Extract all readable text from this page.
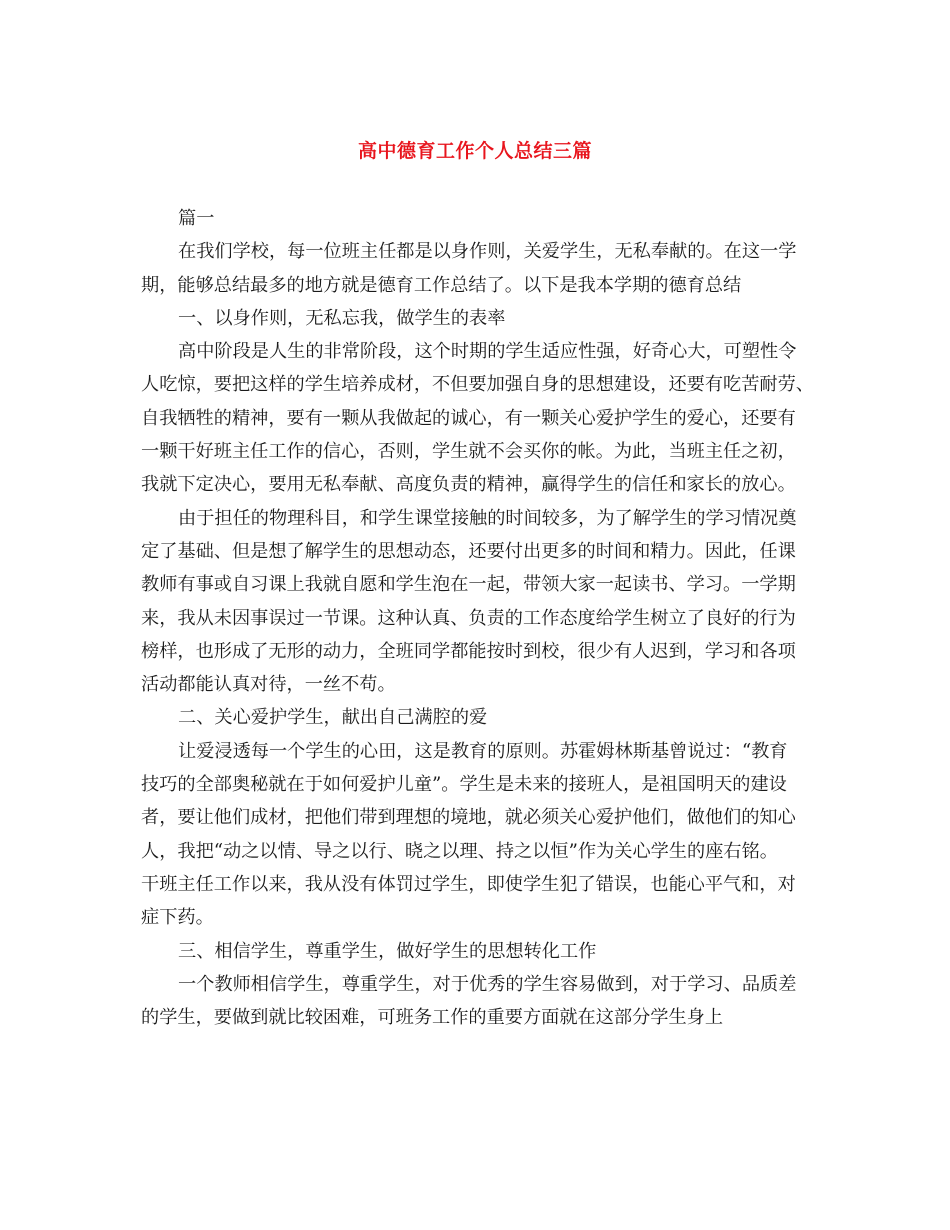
高中德育工作个人总结三篇
篇一
在我们学校，每一位班主任都是以身作则，关爱学生，无私奉献的。在这一学
期，能够总结最多的地方就是德育工作总结了。以下是我本学期的德育总结
一、以身作则，无私忘我，做学生的表率
高中阶段是人生的非常阶段，这个时期的学生适应性强，好奇心大，可塑性令
人吃惊，要把这样的学生培养成材，不但要加强自身的思想建设，还要有吃苦耐劳、
自我牺牲的精神，要有一颗从我做起的诚心，有一颗关心爱护学生的爱心，还要有
一颗干好班主任工作的信心，否则，学生就不会买你的帐。为此，当班主任之初，
我就下定决心，要用无私奉献、高度负责的精神，赢得学生的信任和家长的放心。
由于担任的物理科目，和学生课堂接触的时间较多，为了解学生的学习情况奠
定了基础、但是想了解学生的思想动态，还要付出更多的时间和精力。因此，任课
教师有事或自习课上我就自愿和学生泡在一起，带领大家一起读书、学习。一学期
来，我从未因事误过一节课。这种认真、负责的工作态度给学生树立了良好的行为
榜样，也形成了无形的动力，全班同学都能按时到校，很少有人迟到，学习和各项
活动都能认真对待，一丝不苟。
二、关心爱护学生，献出自己满腔的爱
让爱浸透每一个学生的心田，这是教育的原则。苏霍姆林斯基曾说过：“教育
技巧的全部奥秘就在于如何爱护儿童”。学生是未来的接班人，是祖国明天的建设
者，要让他们成材，把他们带到理想的境地，就必须关心爱护他们，做他们的知心
人，我把“动之以情、导之以行、晓之以理、持之以恒”作为关心学生的座右铭。
干班主任工作以来，我从没有体罚过学生，即使学生犯了错误，也能心平气和，对
症下药。
三、相信学生，尊重学生，做好学生的思想转化工作
一个教师相信学生，尊重学生，对于优秀的学生容易做到，对于学习、品质差
的学生，要做到就比较困难，可班务工作的重要方面就在这部分学生身上
